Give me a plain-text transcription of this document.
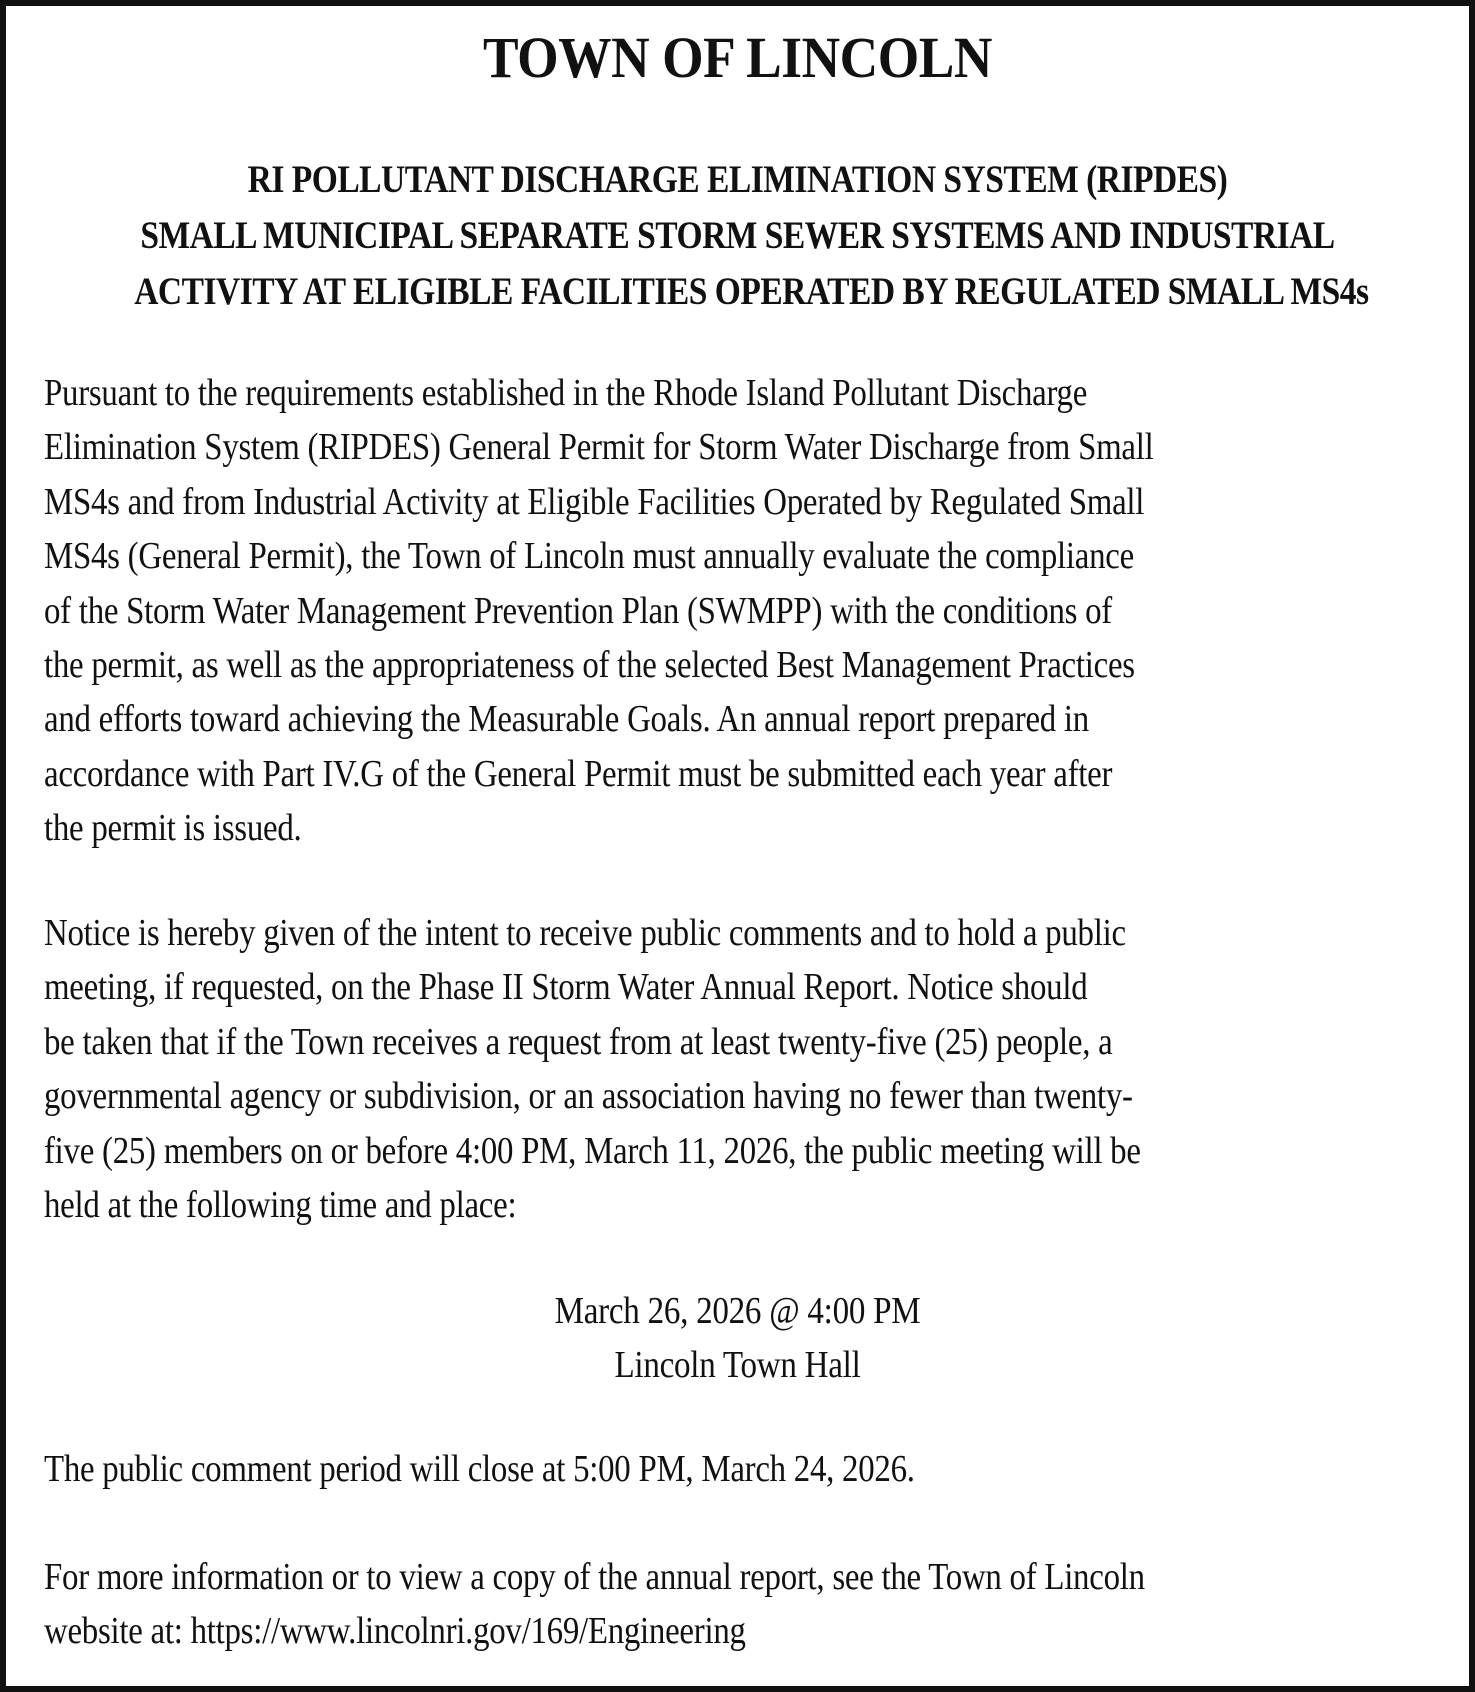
TOWN OF LINCOLN
RI POLLUTANT DISCHARGE ELIMINATION SYSTEM (RIPDES)
SMALL MUNICIPAL SEPARATE STORM SEWER SYSTEMS AND INDUSTRIAL
ACTIVITY AT ELIGIBLE FACILITIES OPERATED BY REGULATED SMALL MS4s
Pursuant to the requirements established in the Rhode Island Pollutant Discharge
Elimination System (RIPDES) General Permit for Storm Water Discharge from Small
MS4s and from Industrial Activity at Eligible Facilities Operated by Regulated Small
MS4s (General Permit), the Town of Lincoln must annually evaluate the compliance
of the Storm Water Management Prevention Plan (SWMPP) with the conditions of
the permit, as well as the appropriateness of the selected Best Management Practices
and efforts toward achieving the Measurable Goals. An annual report prepared in
accordance with Part IV.G of the General Permit must be submitted each year after
the permit is issued.
Notice is hereby given of the intent to receive public comments and to hold a public
meeting, if requested, on the Phase II Storm Water Annual Report. Notice should
be taken that if the Town receives a request from at least twenty-five (25) people, a
governmental agency or subdivision, or an association having no fewer than twenty-
five (25) members on or before 4:00 PM, March 11, 2026, the public meeting will be
held at the following time and place:
March 26, 2026 @ 4:00 PM
Lincoln Town Hall
The public comment period will close at 5:00 PM, March 24, 2026.
For more information or to view a copy of the annual report, see the Town of Lincoln
website at: https://www.lincolnri.gov/169/Engineering
